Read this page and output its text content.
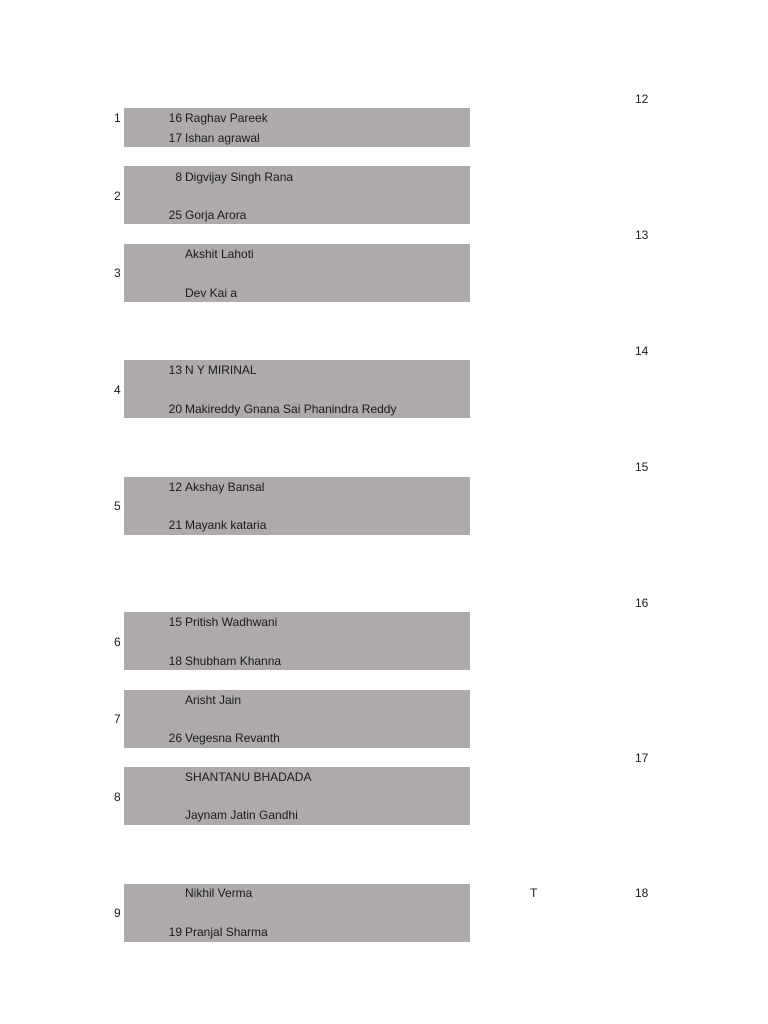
1	16 Raghav Pareek
17 Ishan agrawal
2
8 Digvijay Singh Rana
25 Gorja Arora
3
Akshit Lahoti
Dev Kai a
4
13 N Y MIRINAL
20 Makireddy Gnana Sai Phanindra Reddy
5
12 Akshay Bansal
21 Mayank kataria
6
15 Pritish Wadhwani
18 Shubham Khanna
7
Arisht Jain
26 Vegesna Revanth
8
SHANTANU BHADADA
Jaynam Jatin Gandhi
9
Nikhil Verma
19 Pranjal Sharma
12
13
14
15
16
17
18
T
